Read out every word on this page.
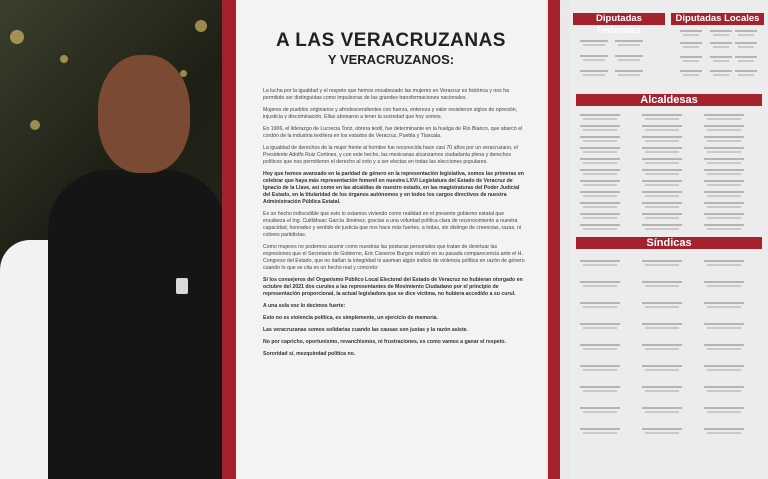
A LAS VERACRUZANAS
Y VERACRUZANOS:

La lucha por la igualdad y el respeto que hemos encabezado las mujeres en Veracruz es histórica y nos ha permitido ser distinguidas como impulsoras de las grandes transformaciones nacionales.

Mujeres de pueblos originarios y afrodescendientes con fuerza, entereza y valor resistieron siglos de opresión, injusticia y discriminación. Ellas abonaron a tener la sociedad que hoy somos.

En 1906, el liderazgo de Lucrecia Toriz, obrera textil, fue determinante en la huelga de Río Blanco, que abarcó el cordón de la industria textilera en los estados de Veracruz, Puebla y Tlaxcala.

La igualdad de derechos de la mujer frente al hombre fue reconocida hace casi 70 años por un veracruzano, el Presidente Adolfo Ruiz Cortines, y con este hecho, las mexicanas alcanzamos ciudadanía plena y derechos políticos que nos permitieron el derecho al voto y a ser electas en todas las elecciones populares.

Hoy que hemos avanzado en la paridad de género en la representación legislativa, somos las primeras en celebrar que haya más representación femenil en nuestra LXVI Legislatura del Estado de Veracruz de Ignacio de la Llave, así como en las alcaldías de nuestro estado, en las magistraturas del Poder Judicial del Estado, en la titularidad de los órganos autónomos y en todos los cargos directivos de nuestra Administración Pública Estatal.

Es un hecho indiscutible que esto lo estamos viviendo como realidad en el presente gobierno estatal que encabeza el Ing. Cuitláhuac García Jiménez, gracias a una voluntad política clara de reconocimiento a nuestra capacidad, honradez y sentido de justicia que nos hace más fuertes, a todas, sin distingo de creencias, razas, ni colores partidistas.

Como mujeres no podemos asumir como nuestras las posturas personales que tratan de devirtuar las expresiones que el Secretario de Gobierno, Eric Cisneros Burgos realizó en su pasada comparecencia ante el H. Congreso del Estado, que no dañan la integridad ni asoman algún indicio de violencia política en razón de género cuando lo que se cita es un hecho real y concreto:

Si los consejeros del Organismo Público Local Electoral del Estado de Veracruz no hubieran otorgado en octubre del 2021 dos curules a las representantes de Movimiento Ciudadano por el principio de representación proporcional, la actual legisladora que se dice víctima, no hubiera accedido a su curul.

A una sola voz lo decimos fuerte:

Esto no es violencia política, es simplemente, un ejercicio de memoria.

Las veracruzanas somos solidarias cuando las causas son justas y la razón asiste.

No por capricho, oportunismo, revanchismos, ni frustraciones, es como vamos a ganar el respeto.

Sororidad sí, mezquindad política no.

Diputadas Federales
Diputadas Locales
Alcaldesas
Síndicas
